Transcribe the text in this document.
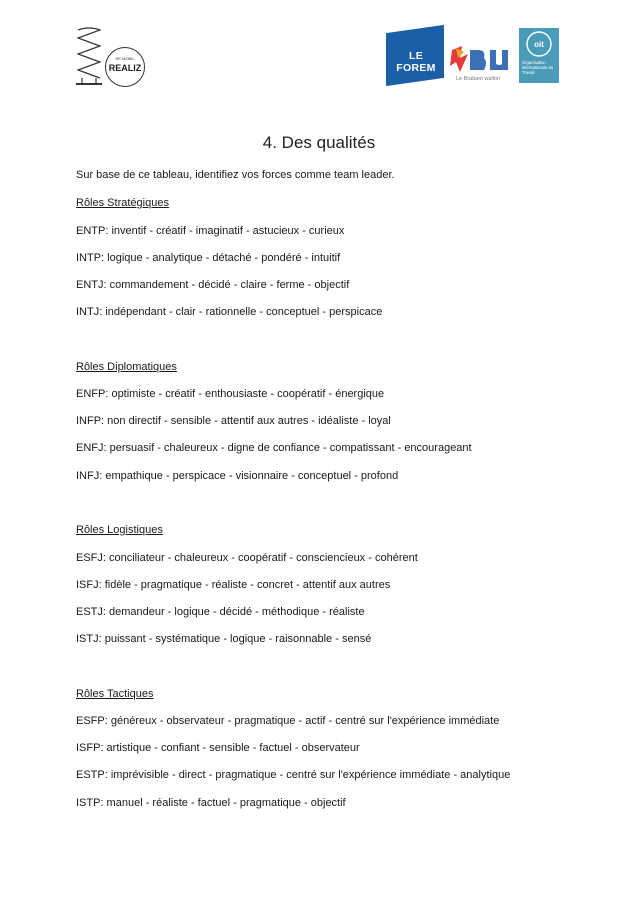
RE MOBIL
REALIZ
LE FOREM
Le Brabant wallon
oit
Organisation internationale du Travail
4. Des qualités
Sur base de ce tableau, identifiez vos forces comme team leader.
Rôles Stratégiques
ENTP: inventif - créatif - imaginatif - astucieux - curieux
INTP: logique - analytique - détaché - pondéré - intuitif
ENTJ: commandement - décidé - claire - ferme - objectif
INTJ: indépendant - clair - rationnelle - conceptuel - perspicace
Rôles Diplomatiques
ENFP: optimiste - créatif - enthousiaste - coopératif - énergique
INFP: non directif - sensible - attentif aux autres - idéaliste - loyal
ENFJ: persuasif - chaleureux - digne de confiance - compatissant - encourageant
INFJ: empathique - perspicace - visionnaire - conceptuel - profond
Rôles Logistiques
ESFJ: conciliateur - chaleureux - coopératif - consciencieux - cohérent
ISFJ: fidèle - pragmatique - réaliste - concret - attentif aux autres
ESTJ: demandeur - logique - décidé - méthodique - réaliste
ISTJ: puissant - systématique - logique - raisonnable - sensé
Rôles Tactiques
ESFP: généreux - observateur - pragmatique - actif - centré sur l'expérience immédiate
ISFP: artistique - confiant - sensible - factuel - observateur
ESTP: imprévisible - direct - pragmatique - centré sur l'expérience immédiate - analytique
ISTP: manuel - réaliste - factuel - pragmatique - objectif
